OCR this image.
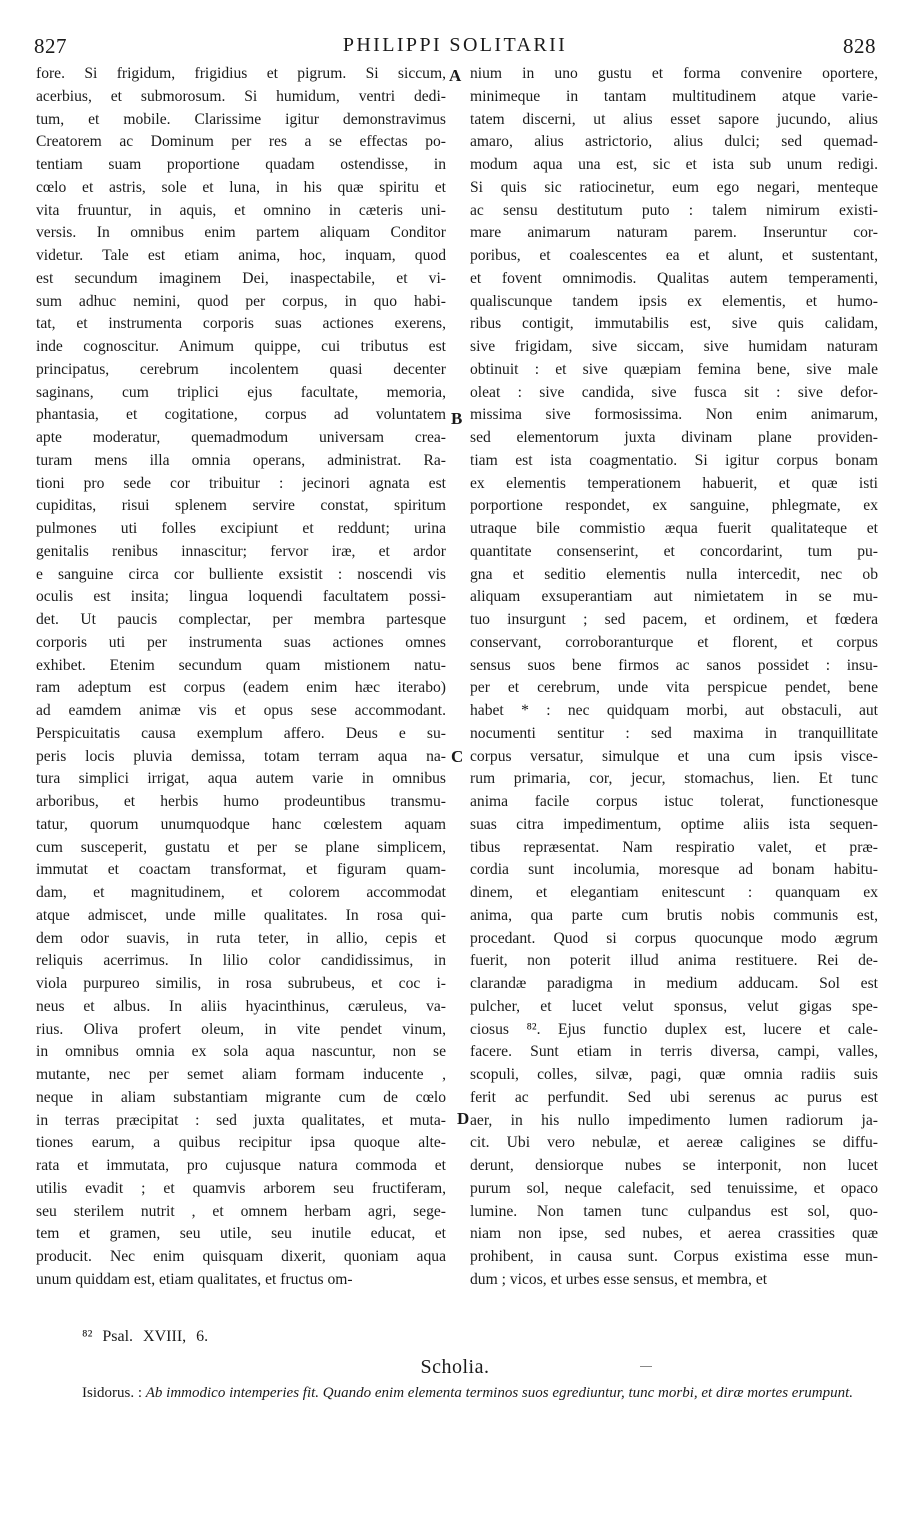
827	PHILIPPI SOLITARII	828
fore. Si frigidum, frigidius et pigrum. Si siccum,
acerbius, et submorosum. Si humidum, ventri dedi-
tum, et mobile. Clarissime igitur demonstravimus
Creatorem ac Dominum per res a se effectas po-
tentiam suam proportione quadam ostendisse, in
cœlo et astris, sole et luna, in his quæ spiritu et
vita fruuntur, in aquis, et omnino in cæteris uni-
versis. In omnibus enim partem aliquam Conditor
videtur. Tale est etiam anima, hoc, inquam, quod
est secundum imaginem Dei, inaspectabile, et vi-
sum adhuc nemini, quod per corpus, in quo habi-
tat, et instrumenta corporis suas actiones exerens,
inde cognoscitur. Animum quippe, cui tributus est
principatus, cerebrum incolentem quasi decenter
saginans, cum triplici ejus facultate, memoria,
phantasia, et cogitatione, corpus ad voluntatem
apte moderatur, quemadmodum universam crea-
turam mens illa omnia operans, administrat. Ra-
tioni pro sede cor tribuitur : jecinori agnata est
cupiditas, risui splenem servire constat, spiritum
pulmones uti folles excipiunt et reddunt; urina
genitalis renibus innascitur; fervor iræ, et ardor
e sanguine circa cor bulliente exsistit : noscendi vis
oculis est insita; lingua loquendi facultatem possi-
det. Ut paucis complectar, per membra partesque
corporis uti per instrumenta suas actiones omnes
exhibet. Etenim secundum quam mistionem natu-
ram adeptum est corpus (eadem enim hæc iterabo)
ad eamdem animæ vis et opus sese accommodant.
Perspicuitatis causa exemplum affero. Deus e su-
peris locis pluvia demissa, totam terram aqua na-
tura simplici irrigat, aqua autem varie in omnibus
arboribus, et herbis humo prodeuntibus transmu-
tatur, quorum unumquodque hanc cœlestem aquam
cum susceperit, gustatu et per se plane simplicem,
immutat et coactam transformat, et figuram quam-
dam, et magnitudinem, et colorem accommodat
atque admiscet, unde mille qualitates. In rosa qui-
dem odor suavis, in ruta teter, in allio, cepis et
reliquis acerrimus. In lilio color candidissimus, in
viola purpureo similis, in rosa subrubeus, et coc i-
neus et albus. In aliis hyacinthinus, cæruleus, va-
rius. Oliva profert oleum, in vite pendet vinum,
in omnibus omnia ex sola aqua nascuntur, non se
mutante, nec per semet aliam formam inducente ,
neque in aliam substantiam migrante cum de cœlo
in terras præcipitat : sed juxta qualitates, et muta-
tiones earum, a quibus recipitur ipsa quoque alte-
rata et immutata, pro cujusque natura commoda et
utilis evadit ; et quamvis arborem seu fructiferam,
seu sterilem nutrit , et omnem herbam agri, sege-
tem et gramen, seu utile, seu inutile educat, et
producit. Nec enim quisquam dixerit, quoniam aqua
unum quiddam est, etiam qualitates, et fructus om-
nium in uno gustu et forma convenire oportere,
minimeque in tantam multitudinem atque varie-
tatem discerni, ut alius esset sapore jucundo, alius
amaro, alius astrictorio, alius dulci; sed quemad-
modum aqua una est, sic et ista sub unum redigi.
Si quis sic ratiocinetur, eum ego negari, menteque
ac sensu destitutum puto : talem nimirum existi-
mare animarum naturam parem. Inseruntur cor-
poribus, et coalescentes ea et alunt, et sustentant,
et fovent omnimodis. Qualitas autem temperamenti,
qualiscunque tandem ipsis ex elementis, et humo-
ribus contigit, immutabilis est, sive quis calidam,
sive frigidam, sive siccam, sive humidam naturam
obtinuit : et sive quæpiam femina bene, sive male
oleat : sive candida, sive fusca sit : sive defor-
missima sive formosissima. Non enim animarum,
sed elementorum juxta divinam plane providen-
tiam est ista coagmentatio. Si igitur corpus bonam
ex elementis temperationem habuerit, et quæ isti
porportione respondet, ex sanguine, phlegmate, ex
utraque bile commistio æqua fuerit qualitateque et
quantitate consenserint, et concordarint, tum pu-
gna et seditio elementis nulla intercedit, nec ob
aliquam exsuperantiam aut nimietatem in se mu-
tuo insurgunt ; sed pacem, et ordinem, et fœdera
conservant, corroboranturque et florent, et corpus
sensus suos bene firmos ac sanos possidet : insu-
per et cerebrum, unde vita perspicue pendet, bene
habet * : nec quidquam morbi, aut obstaculi, aut
nocumenti sentitur : sed maxima in tranquillitate
corpus versatur, simulque et una cum ipsis visce-
rum primaria, cor, jecur, stomachus, lien. Et tunc
anima facile corpus istuc tolerat, functionesque
suas citra impedimentum, optime aliis ista sequen-
tibus repræsentat. Nam respiratio valet, et præ-
cordia sunt incolumia, moresque ad bonam habitu-
dinem, et elegantiam enitescunt : quanquam ex
anima, qua parte cum brutis nobis communis est,
procedant. Quod si corpus quocunque modo ægrum
fuerit, non poterit illud anima restituere. Rei de-
clarandæ paradigma in medium adducam. Sol est
pulcher, et lucet velut sponsus, velut gigas spe-
ciosus ⁸². Ejus functio duplex est, lucere et cale-
facere. Sunt etiam in terris diversa, campi, valles,
scopuli, colles, silvæ, pagi, quæ omnia radiis suis
ferit ac perfundit. Sed ubi serenus ac purus est
aer, in his nullo impedimento lumen radiorum ja-
cit. Ubi vero nebulæ, et aereæ caligines se diffu-
derunt, densiorque nubes se interponit, non lucet
purum sol, neque calefacit, sed tenuissime, et opaco
lumine. Non tamen tunc culpandus est sol, quo-
niam non ipse, sed nubes, et aerea crassities quæ
prohibent, in causa sunt. Corpus existima esse mun-
dum ; vicos, et urbes esse sensus, et membra, et
A
B
C
D
⁸² Psal. XVIII, 6.
Scholia.
Isidorus. : Ab immodico intemperies fit. Quando enim elementa terminos suos egrediuntur, tunc morbi, et diræ mortes erumpunt.
